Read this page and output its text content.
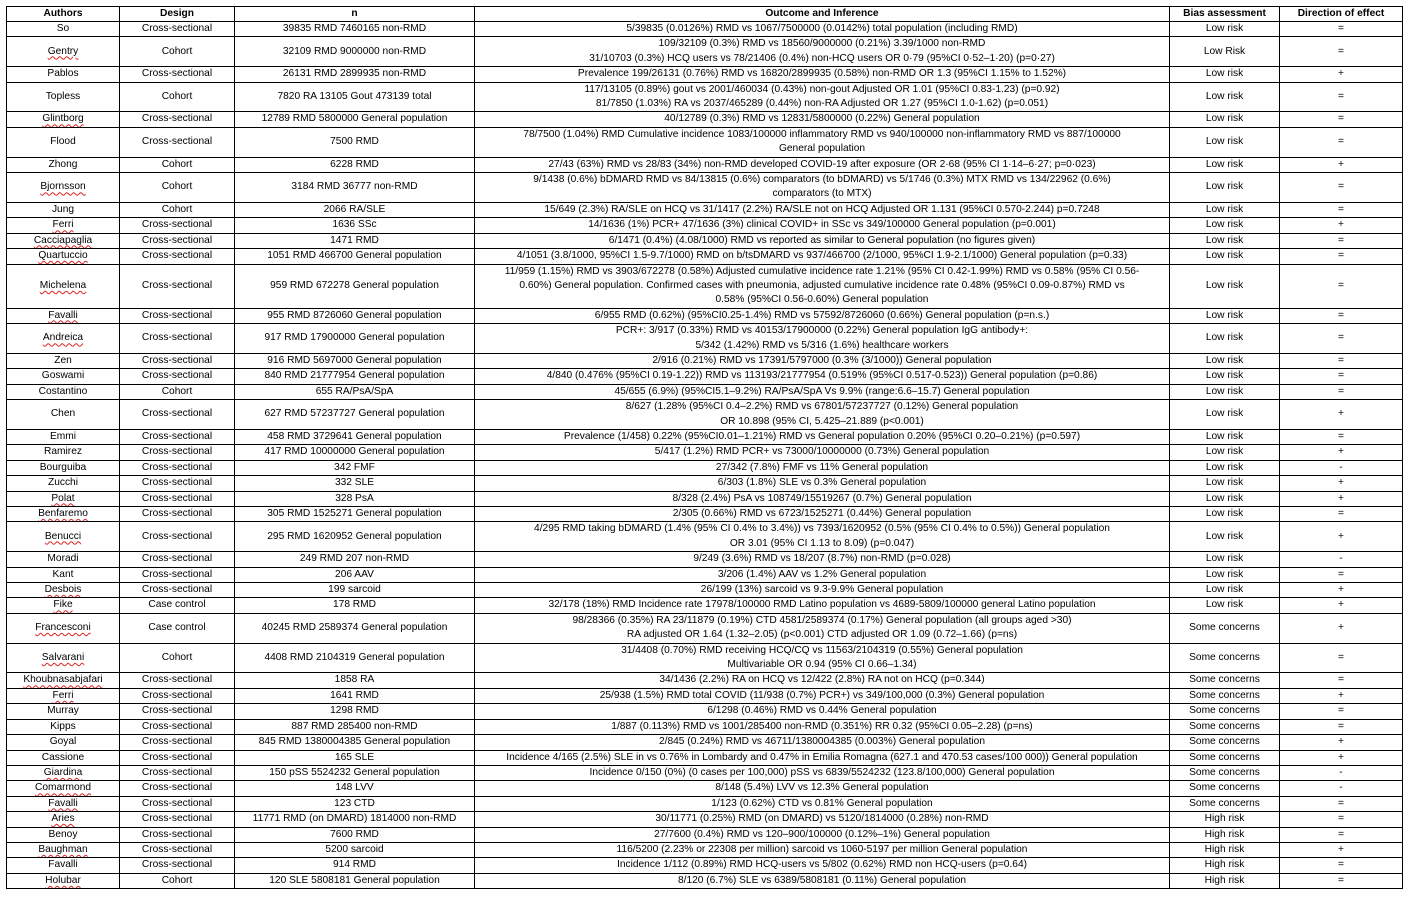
Authors	Design	n	Outcome and Inference	Bias assessment	Direction of effect
So	Cross-sectional	39835 RMD 7460165 non-RMD	5/39835 (0.0126%) RMD vs 1067/7500000 (0.0142%) total population (including RMD)	Low risk	=
Gentry	Cohort	32109 RMD 9000000 non-RMD	109/32109 (0.3%) RMD vs 18560/9000000 (0.21%) 3.39/1000 non-RMD
31/10703 (0.3%) HCQ users vs 78/21406 (0.4%) non-HCQ users OR 0·79 (95%CI 0·52–1·20) (p=0·27)	Low Risk	=
Pablos	Cross-sectional	26131 RMD 2899935 non-RMD	Prevalence 199/26131 (0.76%) RMD vs 16820/2899935 (0.58%) non-RMD OR 1.3 (95%CI 1.15% to 1.52%)	Low risk	+
Topless	Cohort	7820 RA 13105 Gout 473139 total	117/13105 (0.89%) gout vs 2001/460034 (0.43%) non-gout Adjusted OR 1.01 (95%CI 0.83-1.23) (p=0.92)
81/7850 (1.03%) RA vs 2037/465289 (0.44%) non-RA Adjusted OR 1.27 (95%CI 1.0-1.62) (p=0.051)	Low risk	=
Glintborg	Cross-sectional	12789 RMD 5800000 General population	40/12789 (0.3%) RMD vs 12831/5800000 (0.22%) General population	Low risk	=
Flood	Cross-sectional	7500 RMD	78/7500 (1.04%) RMD Cumulative incidence 1083/100000 inflammatory RMD vs 940/100000 non-inflammatory RMD vs 887/100000
General population	Low risk	=
Zhong	Cohort	6228 RMD	27/43 (63%) RMD vs 28/83 (34%) non-RMD developed COVID-19 after exposure (OR 2·68 (95% CI 1·14–6·27; p=0·023)	Low risk	+
Bjornsson	Cohort	3184 RMD 36777 non-RMD	9/1438 (0.6%) bDMARD RMD vs 84/13815 (0.6%) comparators (to bDMARD) vs 5/1746 (0.3%) MTX RMD vs 134/22962 (0.6%)
comparators (to MTX)	Low risk	=
Jung	Cohort	2066 RA/SLE	15/649 (2.3%) RA/SLE on HCQ vs 31/1417 (2.2%) RA/SLE not on HCQ Adjusted OR 1.131 (95%CI 0.570-2.244) p=0.7248	Low risk	=
Ferri	Cross-sectional	1636 SSc	14/1636 (1%) PCR+ 47/1636 (3%) clinical COVID+ in SSc vs 349/100000 General population (p=0.001)	Low risk	+
Cacciapaglia	Cross-sectional	1471 RMD	6/1471 (0.4%) (4.08/1000) RMD vs reported as similar to General population (no figures given)	Low risk	=
Quartuccio	Cross-sectional	1051 RMD 466700 General population	4/1051 (3.8/1000, 95%CI 1.5-9.7/1000) RMD on b/tsDMARD vs 937/466700 (2/1000, 95%CI 1.9-2.1/1000) General population (p=0.33)	Low risk	=
Michelena	Cross-sectional	959 RMD 672278 General population	11/959 (1.15%) RMD vs 3903/672278 (0.58%) Adjusted cumulative incidence rate 1.21% (95% CI 0.42-1.99%) RMD vs 0.58% (95% CI 0.56-
0.60%) General population. Confirmed cases with pneumonia, adjusted cumulative incidence rate 0.48% (95%CI 0.09-0.87%) RMD vs
0.58% (95%CI 0.56-0.60%) General population	Low risk	=
Favalli	Cross-sectional	955 RMD 8726060 General population	6/955 RMD (0.62%) (95%CI0.25-1.4%) RMD vs 57592/8726060 (0.66%) General population (p=n.s.)	Low risk	=
Andreica	Cross-sectional	917 RMD 17900000 General population	PCR+: 3/917 (0.33%) RMD vs 40153/17900000 (0.22%) General population IgG antibody+:
5/342 (1.42%) RMD vs 5/316 (1.6%) healthcare workers	Low risk	=
Zen	Cross-sectional	916 RMD 5697000 General population	2/916 (0.21%) RMD vs 17391/5797000 (0.3% (3/1000)) General population	Low risk	=
Goswami	Cross-sectional	840 RMD 21777954 General population	4/840 (0.476% (95%CI 0.19-1.22)) RMD vs 113193/21777954 (0.519% (95%CI 0.517-0.523)) General population (p=0.86)	Low risk	=
Costantino	Cohort	655 RA/PsA/SpA	45/655 (6.9%) (95%CI5.1–9.2%) RA/PsA/SpA Vs 9.9% (range:6.6–15.7) General population	Low risk	=
Chen	Cross-sectional	627 RMD 57237727 General population	8/627 (1.28% (95%CI 0.4–2.2%) RMD vs 67801/57237727 (0.12%) General population
OR 10.898 (95% CI, 5.425–21.889 (p<0.001)	Low risk	+
Emmi	Cross-sectional	458 RMD 3729641 General population	Prevalence (1/458) 0.22% (95%CI0.01–1.21%) RMD vs General population 0.20% (95%CI 0.20–0.21%) (p=0.597)	Low risk	=
Ramirez	Cross-sectional	417 RMD 10000000 General population	5/417 (1.2%) RMD PCR+ vs 73000/10000000 (0.73%) General population	Low risk	+
Bourguiba	Cross-sectional	342 FMF	27/342 (7.8%) FMF vs 11% General population	Low risk	-
Zucchi	Cross-sectional	332 SLE	6/303 (1.8%) SLE vs 0.3% General population	Low risk	+
Polat	Cross-sectional	328 PsA	8/328 (2.4%) PsA vs 108749/15519267 (0.7%) General population	Low risk	+
Benfaremo	Cross-sectional	305 RMD 1525271 General population	2/305 (0.66%) RMD vs 6723/1525271 (0.44%) General population	Low risk	=
Benucci	Cross-sectional	295 RMD 1620952 General population	4/295 RMD taking bDMARD (1.4% (95% CI 0.4% to 3.4%)) vs 7393/1620952 (0.5% (95% CI 0.4% to 0.5%)) General population
OR 3.01 (95% CI 1.13 to 8.09) (p=0.047)	Low risk	+
Moradi	Cross-sectional	249 RMD 207 non-RMD	9/249 (3.6%) RMD vs 18/207 (8.7%) non-RMD (p=0.028)	Low risk	-
Kant	Cross-sectional	206 AAV	3/206 (1.4%) AAV vs 1.2% General population	Low risk	=
Desbois	Cross-sectional	199 sarcoid	26/199 (13%) sarcoid vs 9.3-9.9% General population	Low risk	+
Fike	Case control	178 RMD	32/178 (18%) RMD Incidence rate 17978/100000 RMD Latino population vs 4689-5809/100000 general Latino population	Low risk	+
Francesconi	Case control	40245 RMD 2589374 General population	98/28366 (0.35%) RA 23/11879 (0.19%) CTD 4581/2589374 (0.17%) General population (all groups aged >30)
RA adjusted OR 1.64 (1.32–2.05) (p<0.001) CTD adjusted OR 1.09 (0.72–1.66) (p=ns)	Some concerns	+
Salvarani	Cohort	4408 RMD 2104319 General population	31/4408 (0.70%) RMD receiving HCQ/CQ vs 11563/2104319 (0.55%) General population
Multivariable OR 0.94 (95% CI 0.66–1.34)	Some concerns	=
Khoubnasabjafari	Cross-sectional	1858 RA	34/1436 (2.2%) RA on HCQ vs 12/422 (2.8%) RA not on HCQ (p=0.344)	Some concerns	=
Ferri	Cross-sectional	1641 RMD	25/938 (1.5%) RMD total COVID (11/938 (0.7%) PCR+) vs 349/100,000 (0.3%) General population	Some concerns	+
Murray	Cross-sectional	1298 RMD	6/1298 (0.46%) RMD vs 0.44% General population	Some concerns	=
Kipps	Cross-sectional	887 RMD 285400 non-RMD	1/887 (0.113%) RMD vs 1001/285400 non-RMD (0.351%) RR 0.32 (95%CI 0.05–2.28) (p=ns)	Some concerns	=
Goyal	Cross-sectional	845 RMD 1380004385 General population	2/845 (0.24%) RMD vs 46711/1380004385 (0.003%) General population	Some concerns	+
Cassione	Cross-sectional	165 SLE	Incidence 4/165 (2.5%) SLE in vs 0.76% in Lombardy and 0.47% in Emilia Romagna (627.1 and 470.53 cases/100 000)) General population	Some concerns	+
Giardina	Cross-sectional	150 pSS 5524232 General population	Incidence 0/150 (0%) (0 cases per 100,000) pSS vs 6839/5524232 (123.8/100,000) General population	Some concerns	-
Comarmond	Cross-sectional	148 LVV	8/148 (5.4%) LVV vs 12.3% General population	Some concerns	-
Favalli	Cross-sectional	123 CTD	1/123 (0.62%) CTD vs 0.81% General population	Some concerns	=
Aries	Cross-sectional	11771 RMD (on DMARD) 1814000 non-RMD	30/11771 (0.25%) RMD (on DMARD) vs 5120/1814000 (0.28%) non-RMD	High risk	=
Benoy	Cross-sectional	7600 RMD	27/7600 (0.4%) RMD vs 120–900/100000 (0.12%–1%) General population	High risk	=
Baughman	Cross-sectional	5200 sarcoid	116/5200 (2.23% or 22308 per million) sarcoid vs 1060-5197 per million General population	High risk	+
Favalli	Cross-sectional	914 RMD	Incidence 1/112 (0.89%) RMD HCQ-users vs 5/802 (0.62%) RMD non HCQ-users (p=0.64)	High risk	=
Holubar	Cohort	120 SLE 5808181 General population	8/120 (6.7%) SLE vs 6389/5808181 (0.11%) General population	High risk	=
